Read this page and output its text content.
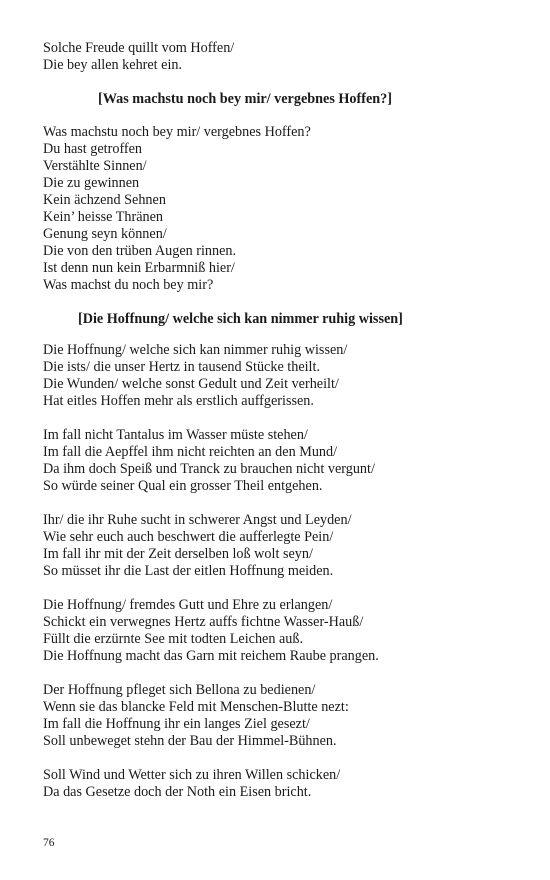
Solche Freude quillt vom Hoffen/
Die bey allen kehret ein.
[Was machstu noch bey mir/ vergebnes Hoffen?]
Was machstu noch bey mir/ vergebnes Hoffen?
Du hast getroffen
Verstählte Sinnen/
Die zu gewinnen
Kein ächzend Sehnen
Kein’ heisse Thränen
Genung seyn können/
Die von den trüben Augen rinnen.
Ist denn nun kein Erbarmniß hier/
Was machst du noch bey mir?
[Die Hoffnung/ welche sich kan nimmer ruhig wissen]
Die Hoffnung/ welche sich kan nimmer ruhig wissen/
Die ists/ die unser Hertz in tausend Stücke theilt.
Die Wunden/ welche sonst Gedult und Zeit verheilt/
Hat eitles Hoffen mehr als erstlich auffgerissen.
Im fall nicht Tantalus im Wasser müste stehen/
Im fall die Aepffel ihm nicht reichten an den Mund/
Da ihm doch Speiß und Tranck zu brauchen nicht vergunt/
So würde seiner Qual ein grosser Theil entgehen.
Ihr/ die ihr Ruhe sucht in schwerer Angst und Leyden/
Wie sehr euch auch beschwert die aufferlegte Pein/
Im fall ihr mit der Zeit derselben loß wolt seyn/
So müsset ihr die Last der eitlen Hoffnung meiden.
Die Hoffnung/ fremdes Gutt und Ehre zu erlangen/
Schickt ein verwegnes Hertz auffs fichtne Wasser-Hauß/
Füllt die erzürnte See mit todten Leichen auß.
Die Hoffnung macht das Garn mit reichem Raube prangen.
Der Hoffnung pfleget sich Bellona zu bedienen/
Wenn sie das blancke Feld mit Menschen-Blutte nezt:
Im fall die Hoffnung ihr ein langes Ziel gesezt/
Soll unbeweget stehn der Bau der Himmel-Bühnen.
Soll Wind und Wetter sich zu ihren Willen schicken/
Da das Gesetze doch der Noth ein Eisen bricht.
76
